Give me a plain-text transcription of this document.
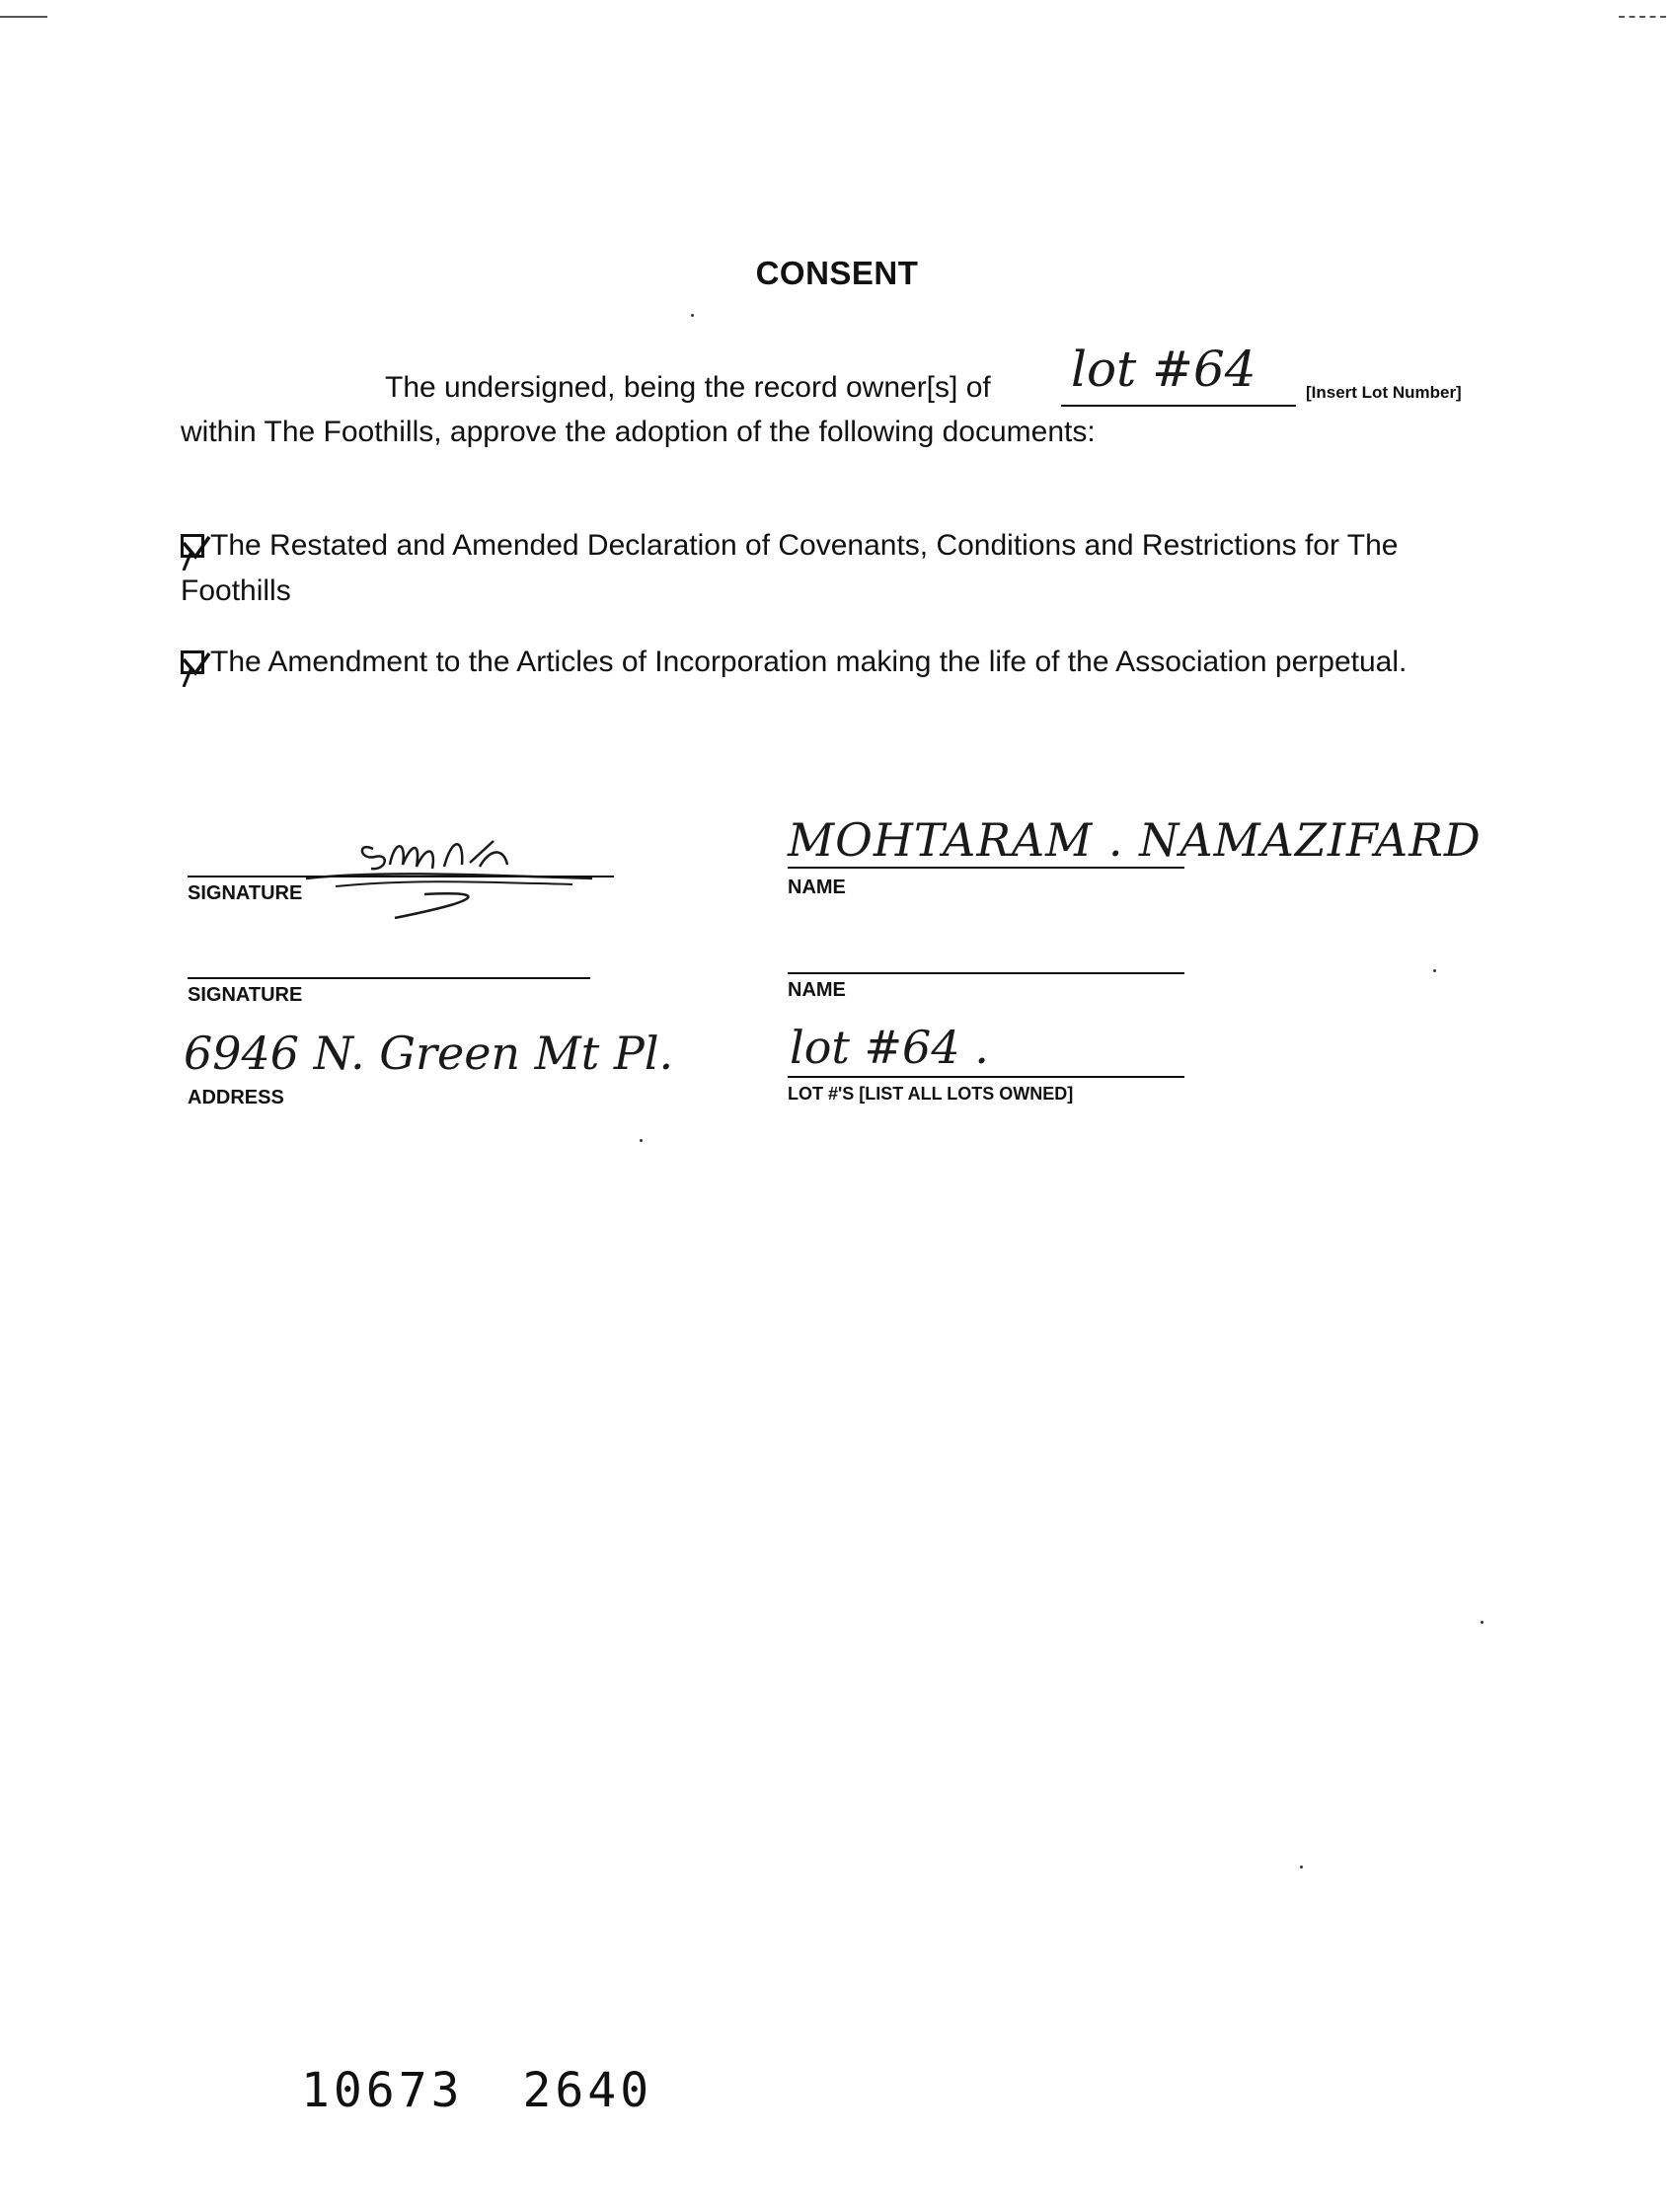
CONSENT
The undersigned, being the record owner[s] of lot #64	[Insert Lot Number]
within The Foothills, approve the adoption of the following documents:
The Restated and Amended Declaration of Covenants, Conditions and Restrictions for The Foothills
The Amendment to the Articles of Incorporation making the life of the Association perpetual.
SIGNATURE
MOHTARAM . NAMAZIFARD
NAME
SIGNATURE	NAME
6946 N. Green Mt Pl.
ADDRESS
lot #64 .
LOT #'S [LIST ALL LOTS OWNED]
10673 2640
